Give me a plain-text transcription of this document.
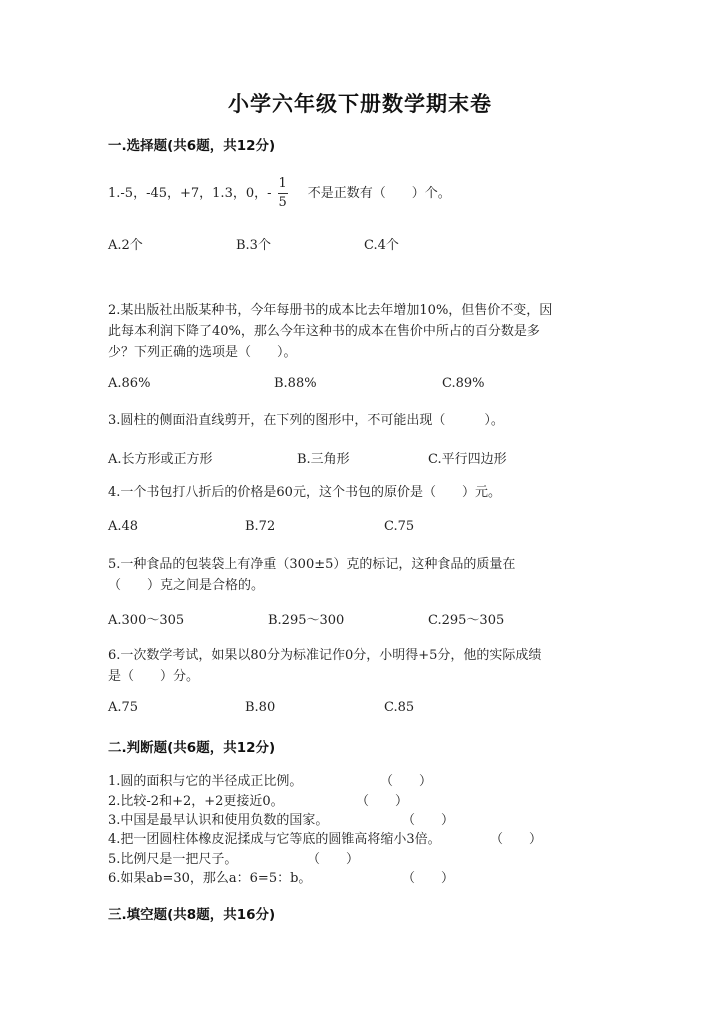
小学六年级下册数学期末卷
一.选择题(共6题，共12分)
1.-5，-45，+7，1.3，0，- $\frac{1}{5}$ 不是正数有（　　）个。
A.2个	B.3个	C.4个
2.某出版社出版某种书，今年每册书的成本比去年增加10%，但售价不变，因
此每本利润下降了40%，那么今年这种书的成本在售价中所占的百分数是多
少？下列正确的选项是（　　）。
A.86%	B.88%	C.89%
3.圆柱的侧面沿直线剪开，在下列的图形中，不可能出现（　　　）。
A.长方形或正方形	B.三角形	C.平行四边形
4.一个书包打八折后的价格是60元，这个书包的原价是（　　）元。
A.48	B.72	C.75
5.一种食品的包装袋上有净重（300±5）克的标记，这种食品的质量在
（　　）克之间是合格的。
A.300～305	B.295～300	C.295～305
6.一次数学考试，如果以80分为标准记作0分，小明得+5分，他的实际成绩
是（　　）分。
A.75	B.80	C.85
二.判断题(共6题，共12分)
1.圆的面积与它的半径成正比例。	（　　）
2.比较-2和+2，+2更接近0。	（　　）
3.中国是最早认识和使用负数的国家。	（　　）
4.把一团圆柱体橡皮泥揉成与它等底的圆锥高将缩小3倍。	（　　）
5.比例尺是一把尺子。	（　　）
6.如果ab=30，那么a：6=5：b。	（　　）
三.填空题(共8题，共16分)
